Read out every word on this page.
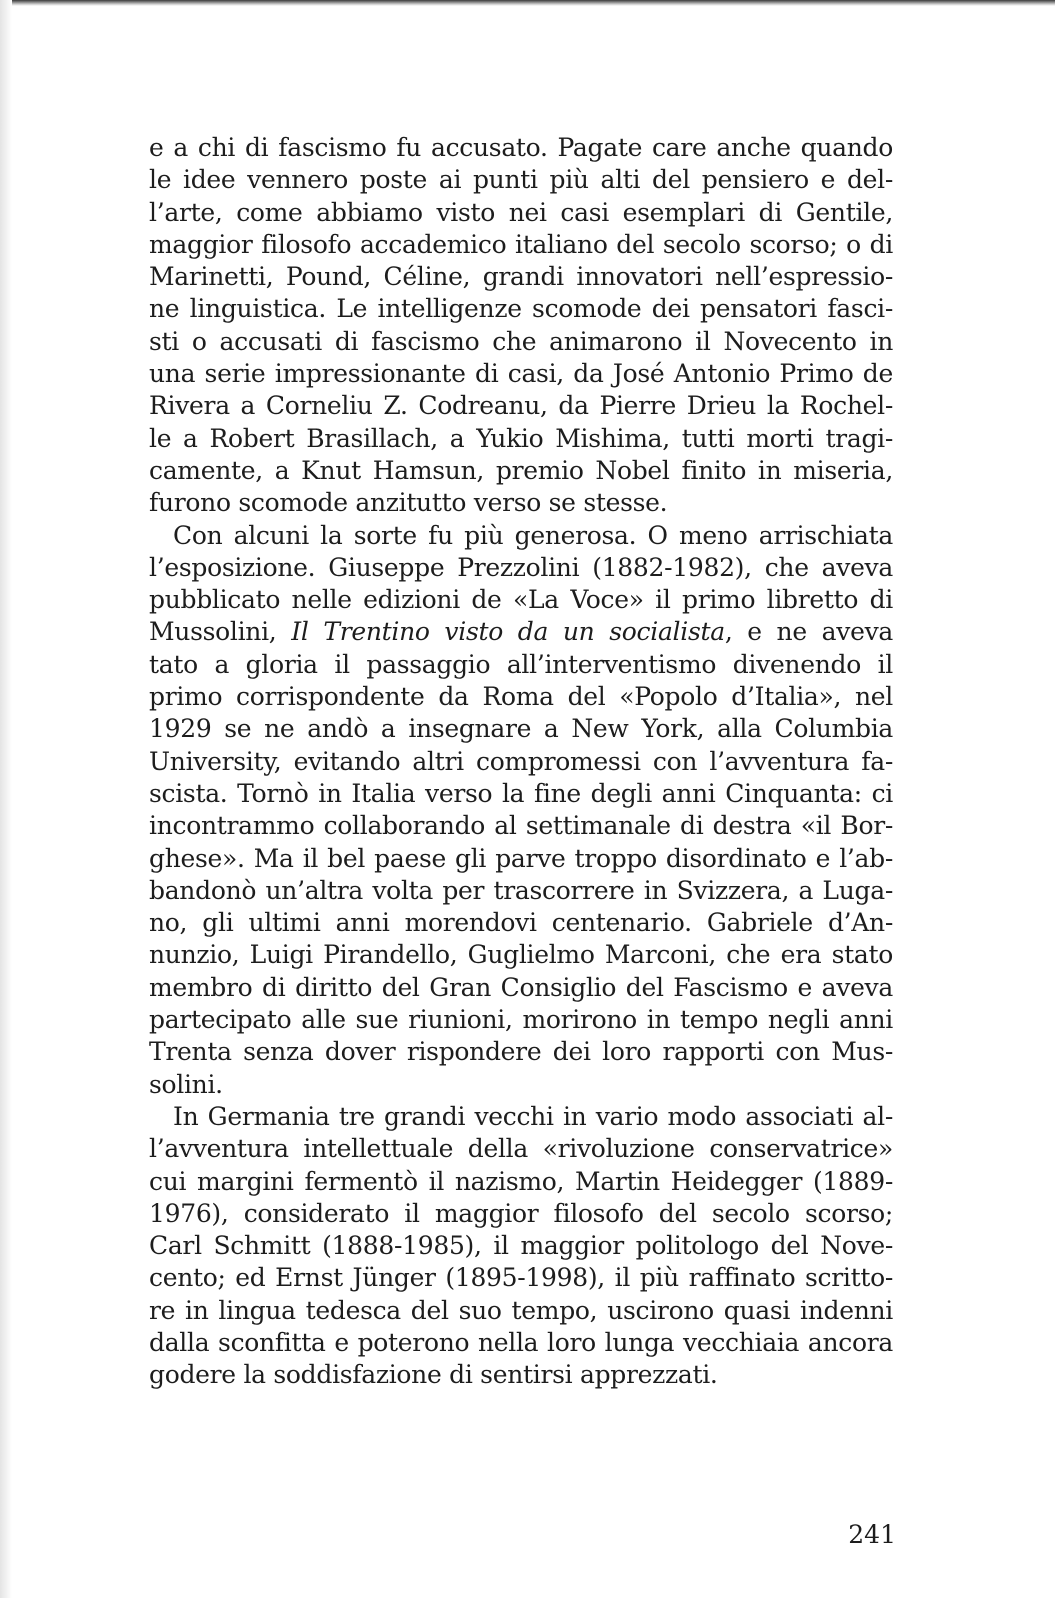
e a chi di fascismo fu accusato. Pagate care anche quando
le idee vennero poste ai punti più alti del pensiero e del-
l’arte, come abbiamo visto nei casi esemplari di Gentile,
maggior filosofo accademico italiano del secolo scorso; o di
Marinetti, Pound, Céline, grandi innovatori nell’espressio-
ne linguistica. Le intelligenze scomode dei pensatori fasci-
sti o accusati di fascismo che animarono il Novecento in
una serie impressionante di casi, da José Antonio Primo de
Rivera a Corneliu Z. Codreanu, da Pierre Drieu la Rochel-
le a Robert Brasillach, a Yukio Mishima, tutti morti tragi-
camente, a Knut Hamsun, premio Nobel finito in miseria,
furono scomode anzitutto verso se stesse.
Con alcuni la sorte fu più generosa. O meno arrischiata
l’esposizione. Giuseppe Prezzolini (1882-1982), che aveva
pubblicato nelle edizioni de «La Voce» il primo libretto di
Mussolini, Il Trentino visto da un socialista, e ne aveva
tato a gloria il passaggio all’interventismo divenendo il
primo corrispondente da Roma del «Popolo d’Italia», nel
1929 se ne andò a insegnare a New York, alla Columbia
University, evitando altri compromessi con l’avventura fa-
scista. Tornò in Italia verso la fine degli anni Cinquanta: ci
incontrammo collaborando al settimanale di destra «il Bor-
ghese». Ma il bel paese gli parve troppo disordinato e l’ab-
bandonò un’altra volta per trascorrere in Svizzera, a Luga-
no, gli ultimi anni morendovi centenario. Gabriele d’An-
nunzio, Luigi Pirandello, Guglielmo Marconi, che era stato
membro di diritto del Gran Consiglio del Fascismo e aveva
partecipato alle sue riunioni, morirono in tempo negli anni
Trenta senza dover rispondere dei loro rapporti con Mus-
solini.
In Germania tre grandi vecchi in vario modo associati al-
l’avventura intellettuale della «rivoluzione conservatrice»
cui margini fermentò il nazismo, Martin Heidegger (1889-
1976), considerato il maggior filosofo del secolo scorso;
Carl Schmitt (1888-1985), il maggior politologo del Nove-
cento; ed Ernst Jünger (1895-1998), il più raffinato scritto-
re in lingua tedesca del suo tempo, uscirono quasi indenni
dalla sconfitta e poterono nella loro lunga vecchiaia ancora
godere la soddisfazione di sentirsi apprezzati.
241
